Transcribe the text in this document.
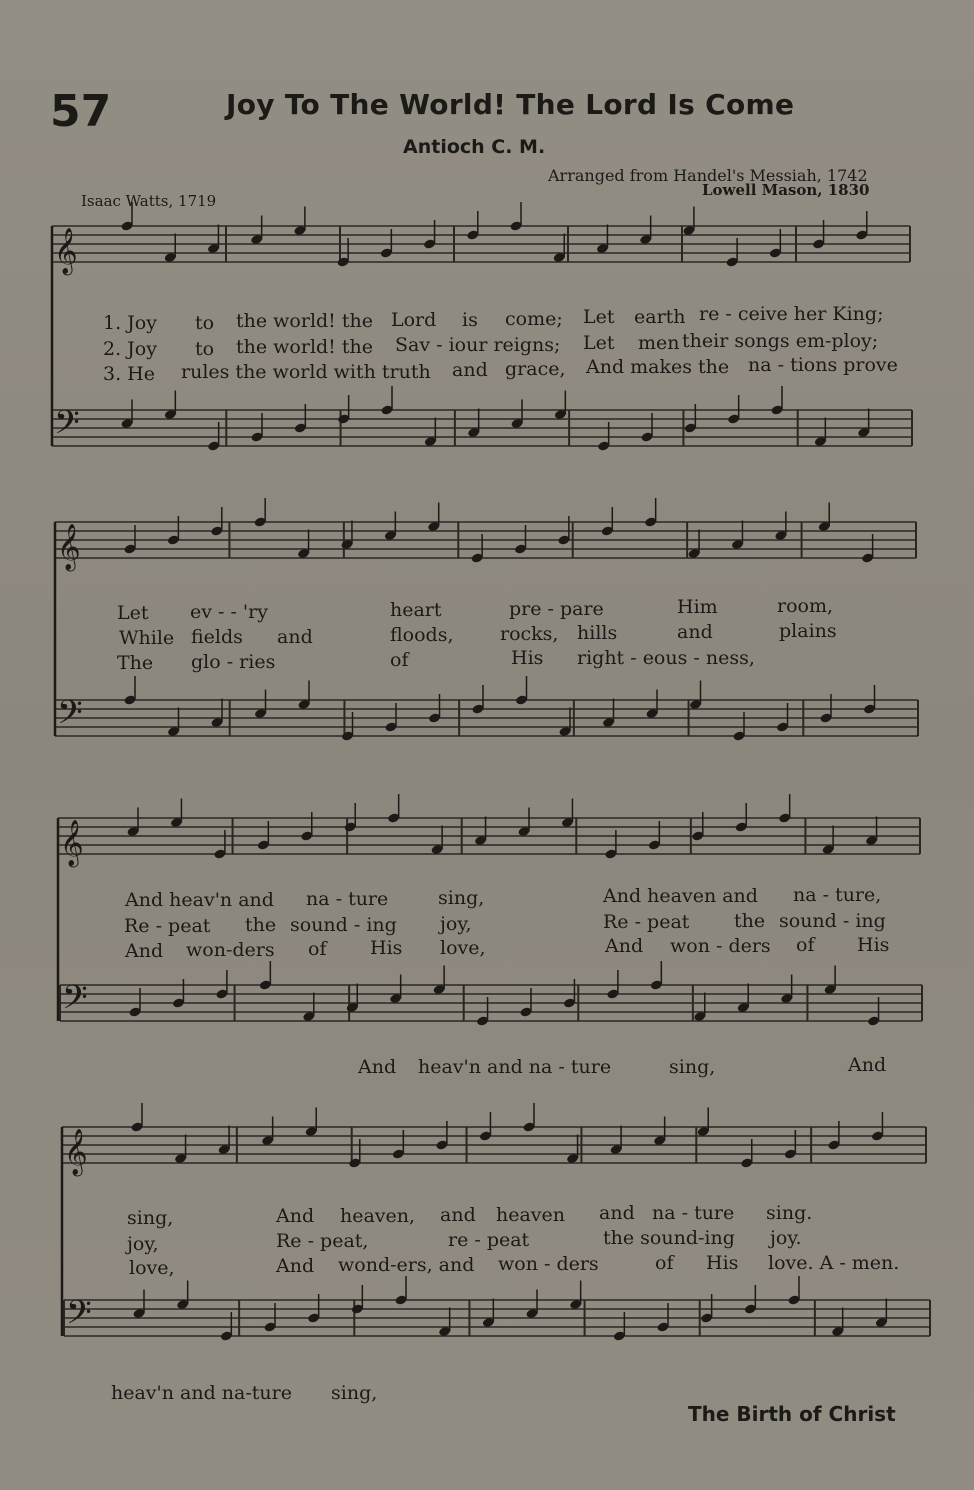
57	Joy To The World! The Lord Is Come
Antioch C. M.
Arranged from Handel's Messiah, 1742
Lowell Mason, 1830
Isaac Watts, 1719
𝄞
𝄢
𝄞
𝄢
𝄞
𝄢
𝄞
𝄢
1. Joy to the world! the Lord is come; Let earth re - ceive her King;
2. Joy to the world! the Sav - iour reigns; Let men their songs em-ploy;
3. He rules the world with truth and grace, And makes the na - tions prove
Let ev - - 'ry	heart	pre - pare	Him	room,
While fields and	floods, rocks, hills	and	plains
The glo - ries	of	His right - eous - ness,
And heav'n and na - ture	sing,	And heaven and na - ture,
Re - peat the sound - ing joy,	Re - peat the sound - ing
And won-ders of His love,	And won - ders of His
And heav'n and na - ture	sing,	And
sing,	And heaven, and heaven and na - ture sing.
joy,	Re - peat,	re - peat	the sound-ing joy.
love,	And wond-ers, and won - ders	of His love. A - men.
heav'n and na-ture sing,
The Birth of Christ
